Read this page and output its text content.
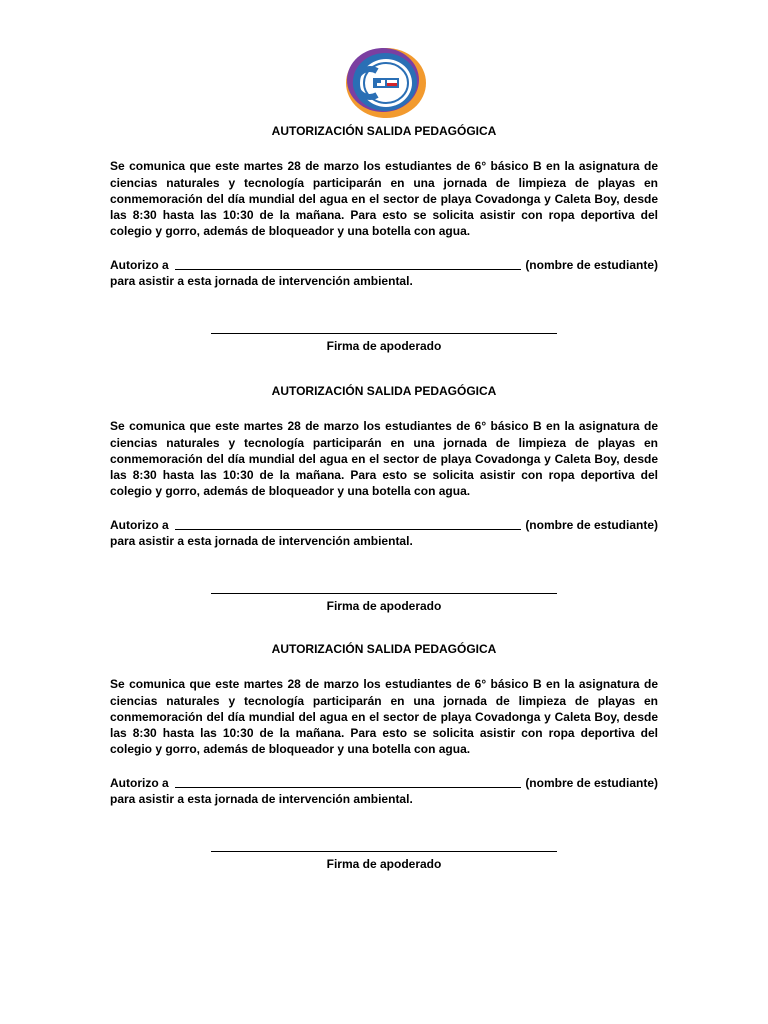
AUTORIZACIÓN SALIDA PEDAGÓGICA

Se comunica que este martes 28 de marzo los estudiantes de 6° básico B en la asignatura de ciencias naturales y tecnología participarán en una jornada de limpieza de playas en conmemoración del día mundial del agua en el sector de playa Covadonga y Caleta Boy, desde las 8:30 hasta las 10:30 de la mañana. Para esto se solicita asistir con ropa deportiva del colegio y gorro, además de bloqueador y una botella con agua.

Autorizo a	(nombre de estudiante)
para asistir a esta jornada de intervención ambiental.
Firma de apoderado

AUTORIZACIÓN SALIDA PEDAGÓGICA

Se comunica que este martes 28 de marzo los estudiantes de 6° básico B en la asignatura de ciencias naturales y tecnología participarán en una jornada de limpieza de playas en conmemoración del día mundial del agua en el sector de playa Covadonga y Caleta Boy, desde las 8:30 hasta las 10:30 de la mañana. Para esto se solicita asistir con ropa deportiva del colegio y gorro, además de bloqueador y una botella con agua.

Autorizo a	(nombre de estudiante)
para asistir a esta jornada de intervención ambiental.
Firma de apoderado

AUTORIZACIÓN SALIDA PEDAGÓGICA

Se comunica que este martes 28 de marzo los estudiantes de 6° básico B en la asignatura de ciencias naturales y tecnología participarán en una jornada de limpieza de playas en conmemoración del día mundial del agua en el sector de playa Covadonga y Caleta Boy, desde las 8:30 hasta las 10:30 de la mañana. Para esto se solicita asistir con ropa deportiva del colegio y gorro, además de bloqueador y una botella con agua.

Autorizo a	(nombre de estudiante)
para asistir a esta jornada de intervención ambiental.
Firma de apoderado
